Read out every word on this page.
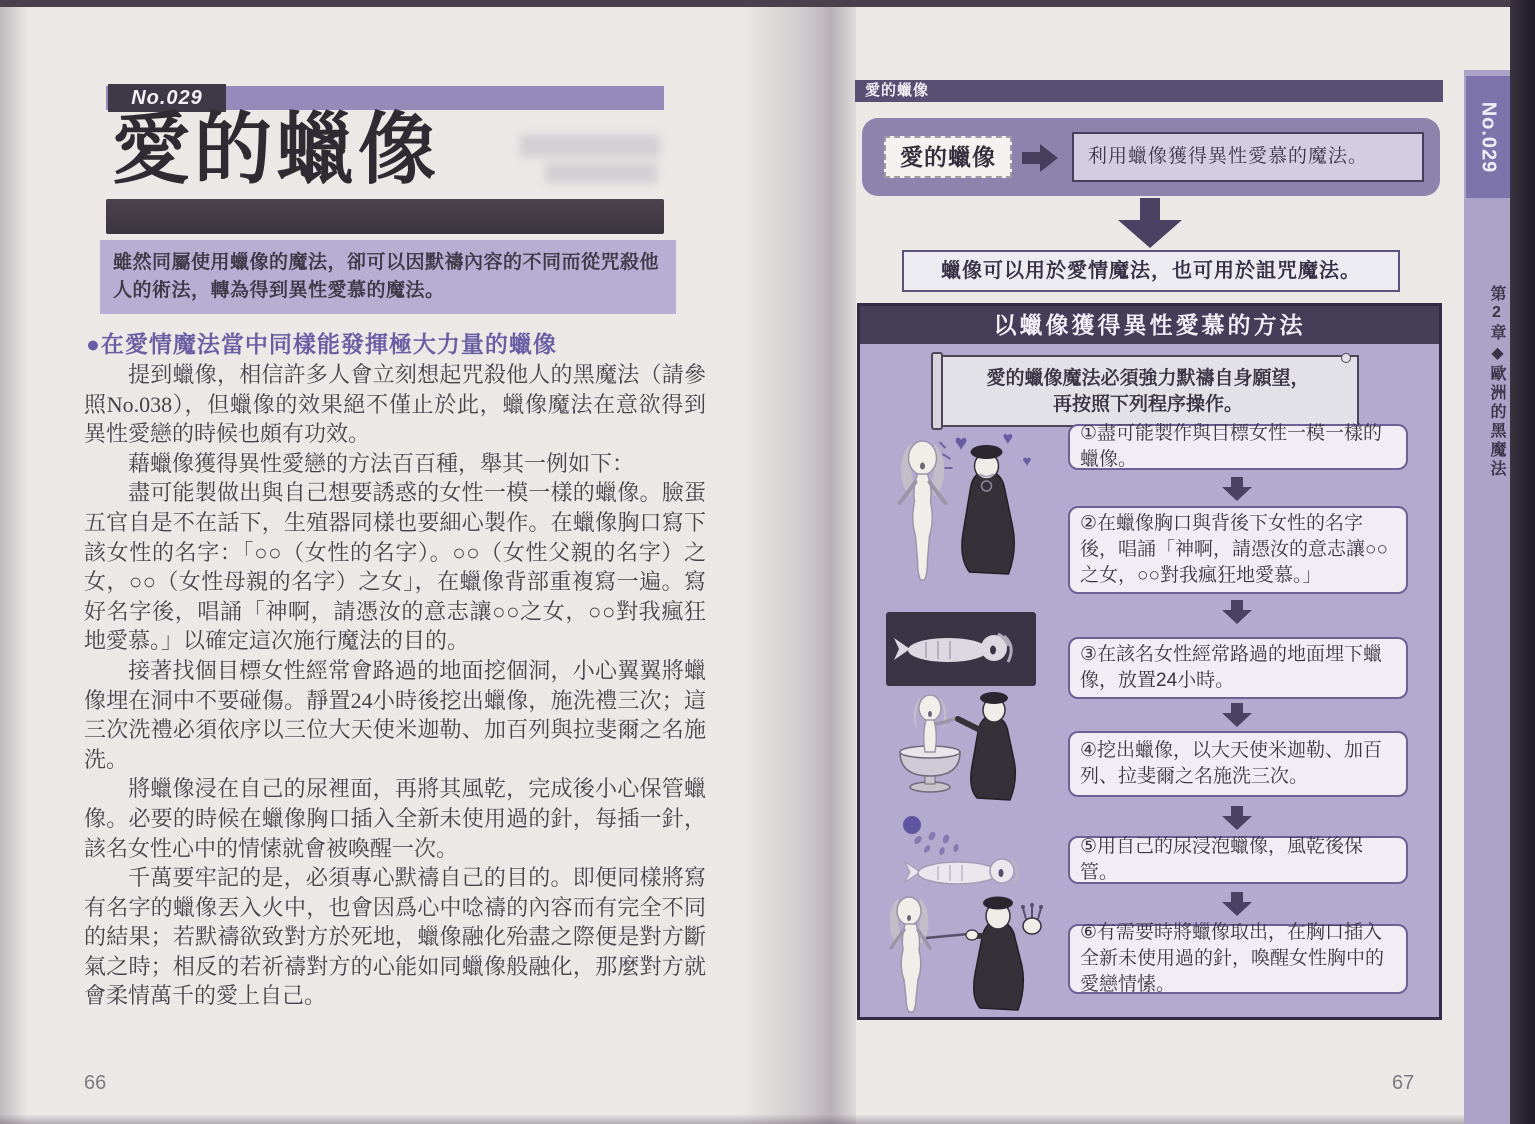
No.029
愛的蠟像
雖然同屬使用蠟像的魔法，卻可以因默禱內容的不同而從咒殺他人的術法，轉為得到異性愛慕的魔法。
●在愛情魔法當中同樣能發揮極大力量的蠟像

提到蠟像，相信許多人會立刻想起咒殺他人的黑魔法（請參照No.038），但蠟像的效果絕不僅止於此，蠟像魔法在意欲得到異性愛戀的時候也頗有功效。

藉蠟像獲得異性愛戀的方法百百種，舉其一例如下：

盡可能製做出與自己想要誘惑的女性一模一樣的蠟像。臉蛋五官自是不在話下，生殖器同樣也要細心製作。在蠟像胸口寫下該女性的名字：「○○（女性的名字）。○○（女性父親的名字）之女，○○（女性母親的名字）之女」，在蠟像背部重複寫一遍。寫好名字後，唱誦「神啊，請憑汝的意志讓○○之女，○○對我瘋狂地愛慕。」以確定這次施行魔法的目的。

接著找個目標女性經常會路過的地面挖個洞，小心翼翼將蠟像埋在洞中不要碰傷。靜置24小時後挖出蠟像，施洗禮三次；這三次洗禮必須依序以三位大天使米迦勒、加百列與拉斐爾之名施洗。

將蠟像浸在自己的尿裡面，再將其風乾，完成後小心保管蠟像。必要的時候在蠟像胸口插入全新未使用過的針，每插一針，該名女性心中的情愫就會被喚醒一次。

千萬要牢記的是，必須專心默禱自己的目的。即便同樣將寫有名字的蠟像丟入火中，也會因爲心中唸禱的內容而有完全不同的結果；若默禱欲致對方於死地，蠟像融化殆盡之際便是對方斷氣之時；相反的若祈禱對方的心能如同蠟像般融化，那麼對方就會柔情萬千的愛上自己。

66
愛的蠟像
愛的蠟像	利用蠟像獲得異性愛慕的魔法。
蠟像可以用於愛情魔法，也可用於詛咒魔法。
以蠟像獲得異性愛慕的方法
愛的蠟像魔法必須強力默禱自身願望，
再按照下列程序操作。
①盡可能製作與目標女性一模一樣的蠟像。
②在蠟像胸口與背後下女性的名字後，唱誦「神啊，請憑汝的意志讓○○之女，○○對我瘋狂地愛慕。」
③在該名女性經常路過的地面埋下蠟像，放置24小時。
④挖出蠟像，以大天使米迦勒、加百列、拉斐爾之名施洗三次。
⑤用自己的尿浸泡蠟像，風乾後保管。
⑥有需要時將蠟像取出，在胸口插入全新未使用過的針，喚醒女性胸中的愛戀情愫。
♥ ♥
♥
67
No.029
第2章◆歐洲的黑魔法
